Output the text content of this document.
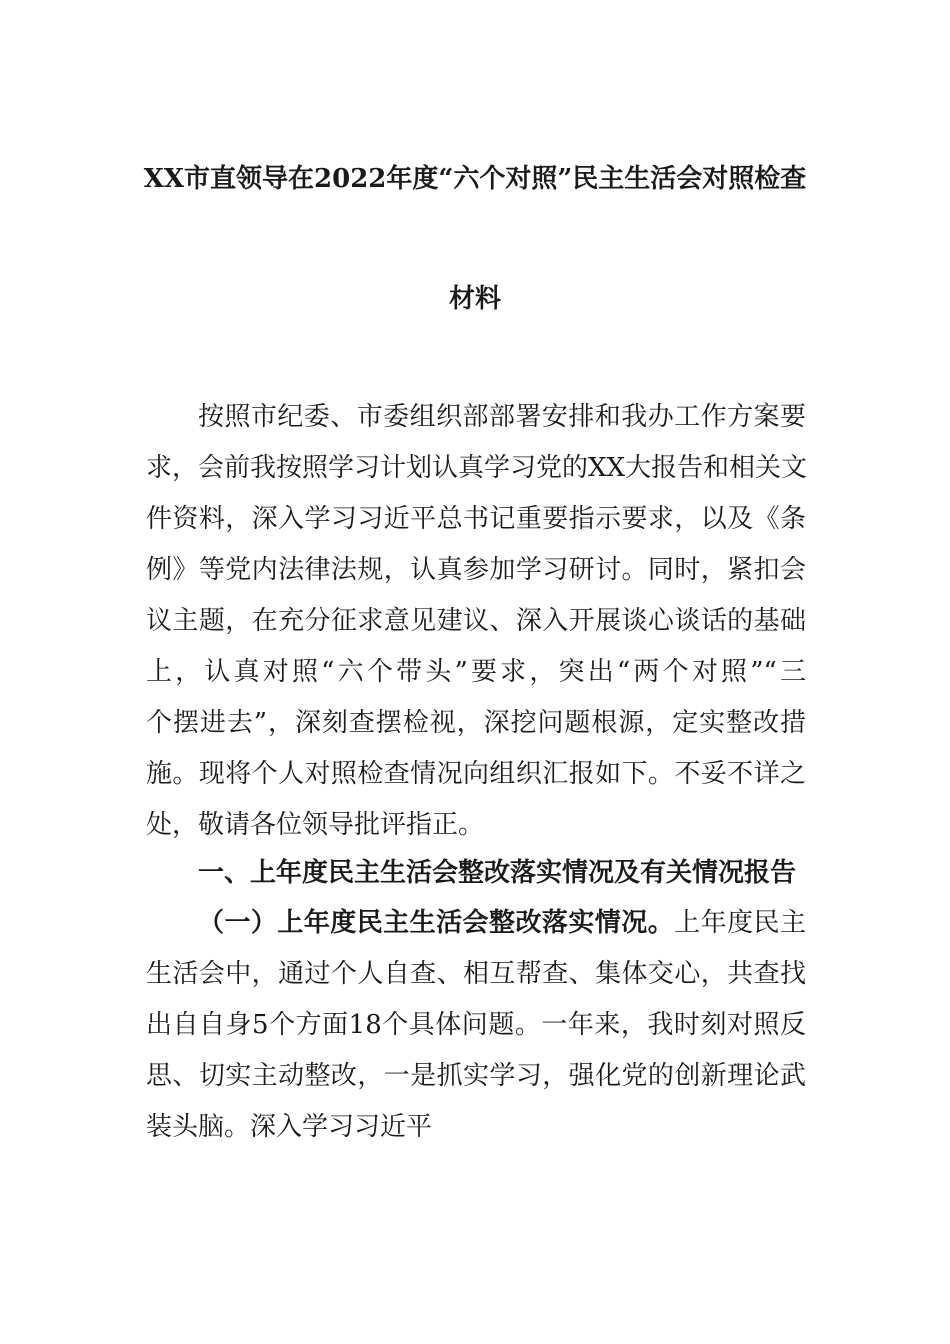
XX市直领导在2022年度“六个对照”民主生活会对照检查
材料
按照市纪委、市委组织部部署安排和我办工作方案要
求，会前我按照学习计划认真学习党的XX大报告和相关文
件资料，深入学习习近平总书记重要指示要求，以及《条
例》等党内法律法规，认真参加学习研讨。同时，紧扣会
议主题，在充分征求意见建议、深入开展谈心谈话的基础
上，认真对照“六个带头”要求，突出“两个对照”“三
个摆进去”，深刻查摆检视，深挖问题根源，定实整改措
施。现将个人对照检查情况向组织汇报如下。不妥不详之
处，敬请各位领导批评指正。
一、上年度民主生活会整改落实情况及有关情况报告
（一）上年度民主生活会整改落实情况。上年度民主
生活会中，通过个人自查、相互帮查、集体交心，共查找
出自自身5个方面18个具体问题。一年来，我时刻对照反
思、切实主动整改，一是抓实学习，强化党的创新理论武
装头脑。深入学习习近平
